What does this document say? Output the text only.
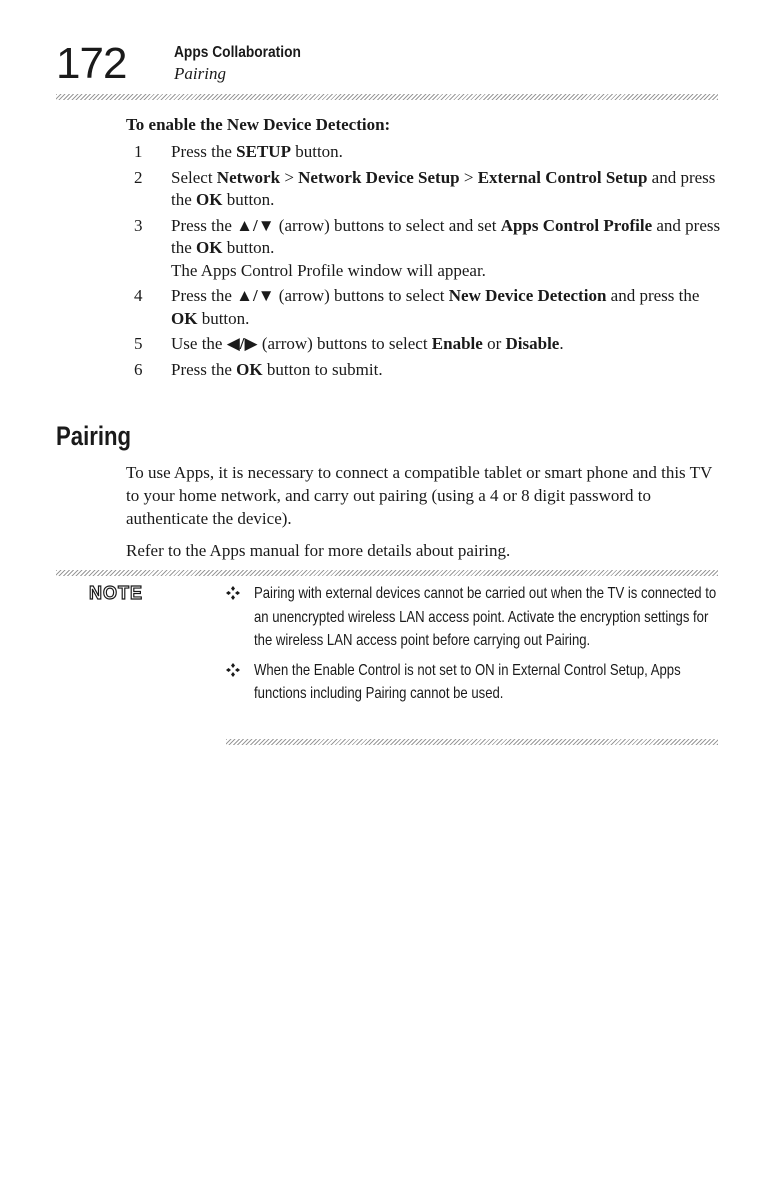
172	Apps Collaboration
Pairing
To enable the New Device Detection:
1	Press the SETUP button.
2	Select Network > Network Device Setup > External Control Setup and press the OK button.
3	Press the ▲/▼ (arrow) buttons to select and set Apps Control Profile and press the OK button.
The Apps Control Profile window will appear.
4	Press the ▲/▼ (arrow) buttons to select New Device Detection and press the OK button.
5	Use the ◀/▶ (arrow) buttons to select Enable or Disable.
6	Press the OK button to submit.
Pairing

To use Apps, it is necessary to connect a compatible tablet or smart phone and this TV to your home network, and carry out pairing (using a 4 or 8 digit password to authenticate the device).

Refer to the Apps manual for more details about pairing.

NOTE	Pairing with external devices cannot be carried out when the TV is connected to an unencrypted wireless LAN access point. Activate the encryption settings for the wireless LAN access point before carrying out Pairing.
When the Enable Control is not set to ON in External Control Setup, Apps functions including Pairing cannot be used.
